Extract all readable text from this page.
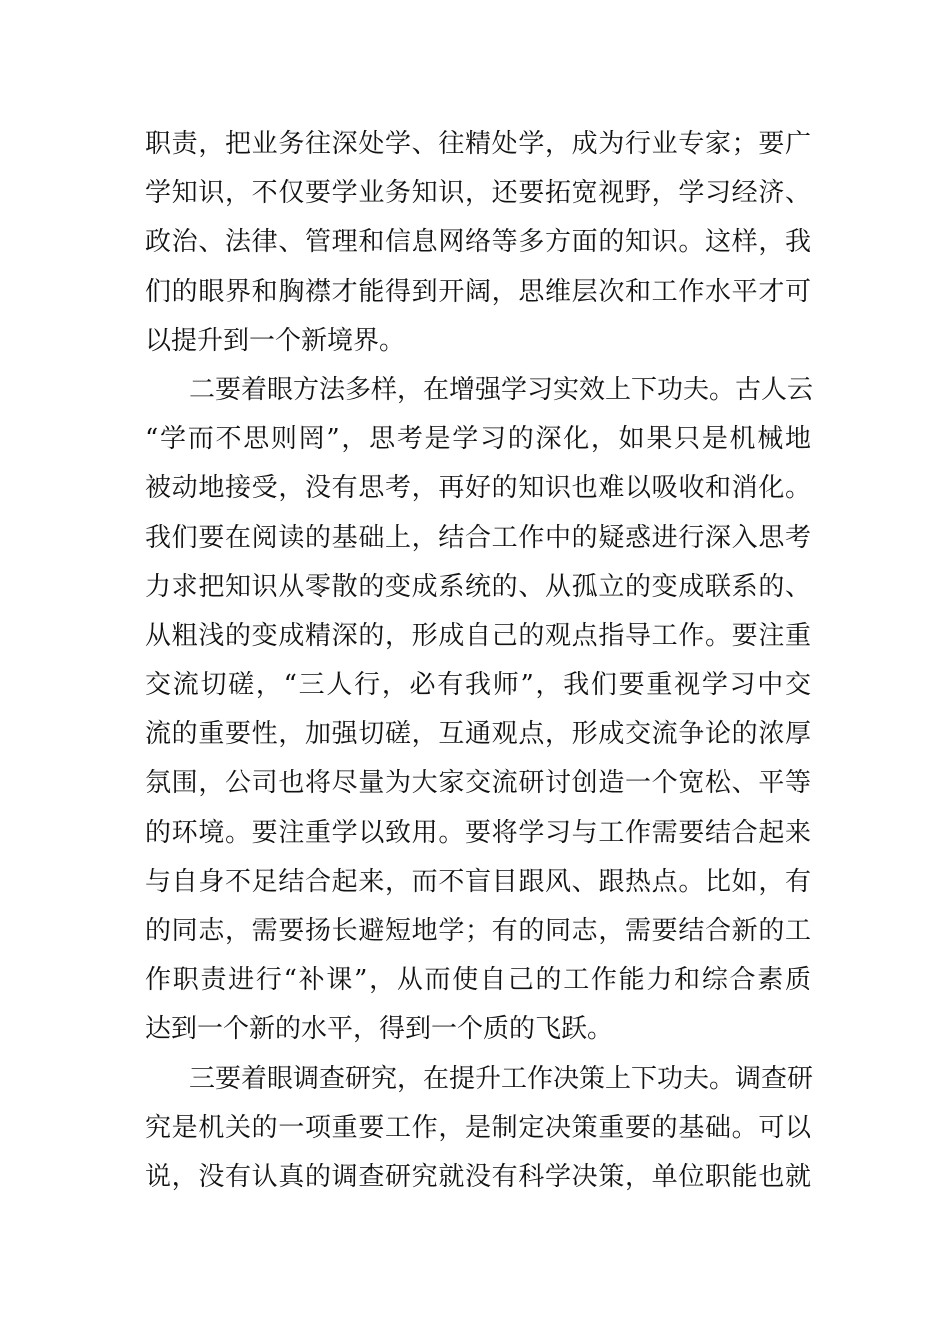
职责，把业务往深处学、往精处学，成为行业专家；要广
学知识，不仅要学业务知识，还要拓宽视野，学习经济、
政治、法律、管理和信息网络等多方面的知识。这样，我
们的眼界和胸襟才能得到开阔，思维层次和工作水平才可
以提升到一个新境界。
二要着眼方法多样，在增强学习实效上下功夫。古人云
“学而不思则罔”，思考是学习的深化，如果只是机械地
被动地接受，没有思考，再好的知识也难以吸收和消化。
我们要在阅读的基础上，结合工作中的疑惑进行深入思考
力求把知识从零散的变成系统的、从孤立的变成联系的、
从粗浅的变成精深的，形成自己的观点指导工作。要注重
交流切磋，“三人行，必有我师”，我们要重视学习中交
流的重要性，加强切磋，互通观点，形成交流争论的浓厚
氛围，公司也将尽量为大家交流研讨创造一个宽松、平等
的环境。要注重学以致用。要将学习与工作需要结合起来
与自身不足结合起来，而不盲目跟风、跟热点。比如，有
的同志，需要扬长避短地学；有的同志，需要结合新的工
作职责进行“补课”，从而使自己的工作能力和综合素质
达到一个新的水平，得到一个质的飞跃。
三要着眼调查研究，在提升工作决策上下功夫。调查研
究是机关的一项重要工作，是制定决策重要的基础。可以
说，没有认真的调查研究就没有科学决策，单位职能也就
